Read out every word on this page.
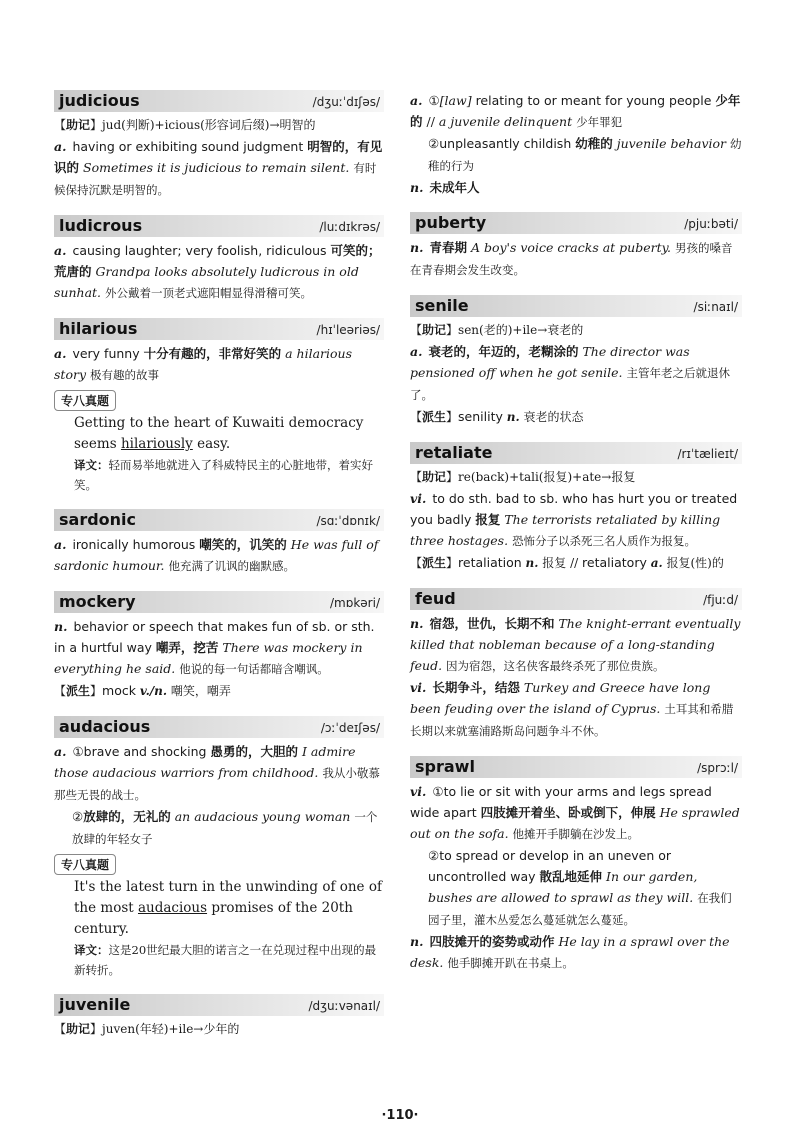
judicious	/dʒuːˈdɪʃəs/

【助记】jud(判断)+icious(形容词后缀)→明智的

a. having or exhibiting sound judgment 明智的，有见识的 Sometimes it is judicious to remain silent. 有时候保持沉默是明智的。

ludicrous	/luːdɪkrəs/

a. causing laughter; very foolish, ridiculous 可笑的；荒唐的 Grandpa looks absolutely ludicrous in old sunhat. 外公戴着一顶老式遮阳帽显得滑稽可笑。

hilarious	/hɪˈleəriəs/

a. very funny 十分有趣的，非常好笑的 a hilarious story 极有趣的故事

专八真题

Getting to the heart of Kuwaiti democracy seems hilariously easy.

译文：轻而易举地就进入了科威特民主的心脏地带，着实好笑。

sardonic	/sɑːˈdɒnɪk/

a. ironically humorous 嘲笑的，讥笑的 He was full of sardonic humour. 他充满了讥讽的幽默感。

mockery	/mɒkəri/

n. behavior or speech that makes fun of sb. or sth. in a hurtful way 嘲弄，挖苦 There was mockery in everything he said. 他说的每一句话都暗含嘲讽。

【派生】mock v./n. 嘲笑，嘲弄

audacious	/ɔːˈdeɪʃəs/

a. ①brave and shocking 愚勇的，大胆的 I admire those audacious warriors from childhood. 我从小敬慕那些无畏的战士。

②放肆的，无礼的 an audacious young woman 一个放肆的年轻女子

专八真题

It's the latest turn in the unwinding of one of the most audacious promises of the 20th century.

译文：这是20世纪最大胆的诺言之一在兑现过程中出现的最新转折。

juvenile	/dʒuːvənaɪl/

【助记】juven(年轻)+ile→少年的

a. ①[law] relating to or meant for young people 少年的 // a juvenile delinquent 少年罪犯

②unpleasantly childish 幼稚的 juvenile behavior 幼稚的行为

n. 未成年人

puberty	/pjuːbəti/

n. 青春期 A boy's voice cracks at puberty. 男孩的嗓音在青春期会发生改变。

senile	/siːnaɪl/

【助记】sen(老的)+ile→衰老的

a. 衰老的，年迈的，老糊涂的 The director was pensioned off when he got senile. 主管年老之后就退休了。

【派生】senility n. 衰老的状态

retaliate	/rɪˈtælieɪt/

【助记】re(back)+tali(报复)+ate→报复

vi. to do sth. bad to sb. who has hurt you or treated you badly 报复 The terrorists retaliated by killing three hostages. 恐怖分子以杀死三名人质作为报复。

【派生】retaliation n. 报复 // retaliatory a. 报复(性)的

feud	/fjuːd/

n. 宿怨，世仇，长期不和 The knight-errant eventually killed that nobleman because of a long-standing feud. 因为宿怨，这名侠客最终杀死了那位贵族。

vi. 长期争斗，结怨 Turkey and Greece have long been feuding over the island of Cyprus. 土耳其和希腊长期以来就塞浦路斯岛问题争斗不休。

sprawl	/sprɔːl/

vi. ①to lie or sit with your arms and legs spread wide apart 四肢摊开着坐、卧或倒下，伸展 He sprawled out on the sofa. 他摊开手脚躺在沙发上。

②to spread or develop in an uneven or uncontrolled way 散乱地延伸 In our garden, bushes are allowed to sprawl as they will. 在我们园子里，灌木丛爱怎么蔓延就怎么蔓延。

n. 四肢摊开的姿势或动作 He lay in a sprawl over the desk. 他手脚摊开趴在书桌上。

·110·
